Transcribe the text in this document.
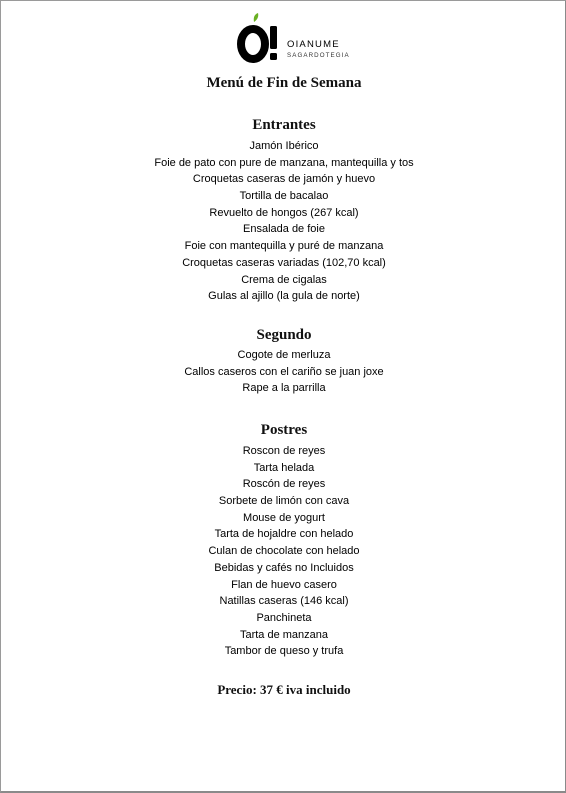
OIANUME
SAGARDOTEGIA
Menú de Fin de Semana
Entrantes
Jamón Ibérico
Foie de pato con pure de manzana, mantequilla y tos
Croquetas caseras de jamón y huevo
Tortilla de bacalao
Revuelto de hongos (267 kcal)
Ensalada de foie
Foie con mantequilla y puré de manzana
Croquetas caseras variadas (102,70 kcal)
Crema de cigalas
Gulas al ajillo (la gula de norte)
Segundo
Cogote de merluza
Callos caseros con el cariño se juan joxe
Rape a la parrilla
Postres
Roscon de reyes
Tarta helada
Roscón de reyes
Sorbete de limón con cava
Mouse de yogurt
Tarta de hojaldre con helado
Culan de chocolate con helado
Bebidas y cafés no Incluidos
Flan de huevo casero
Natillas caseras (146 kcal)
Panchineta
Tarta de manzana
Tambor de queso y trufa
Precio: 37 € iva incluido
